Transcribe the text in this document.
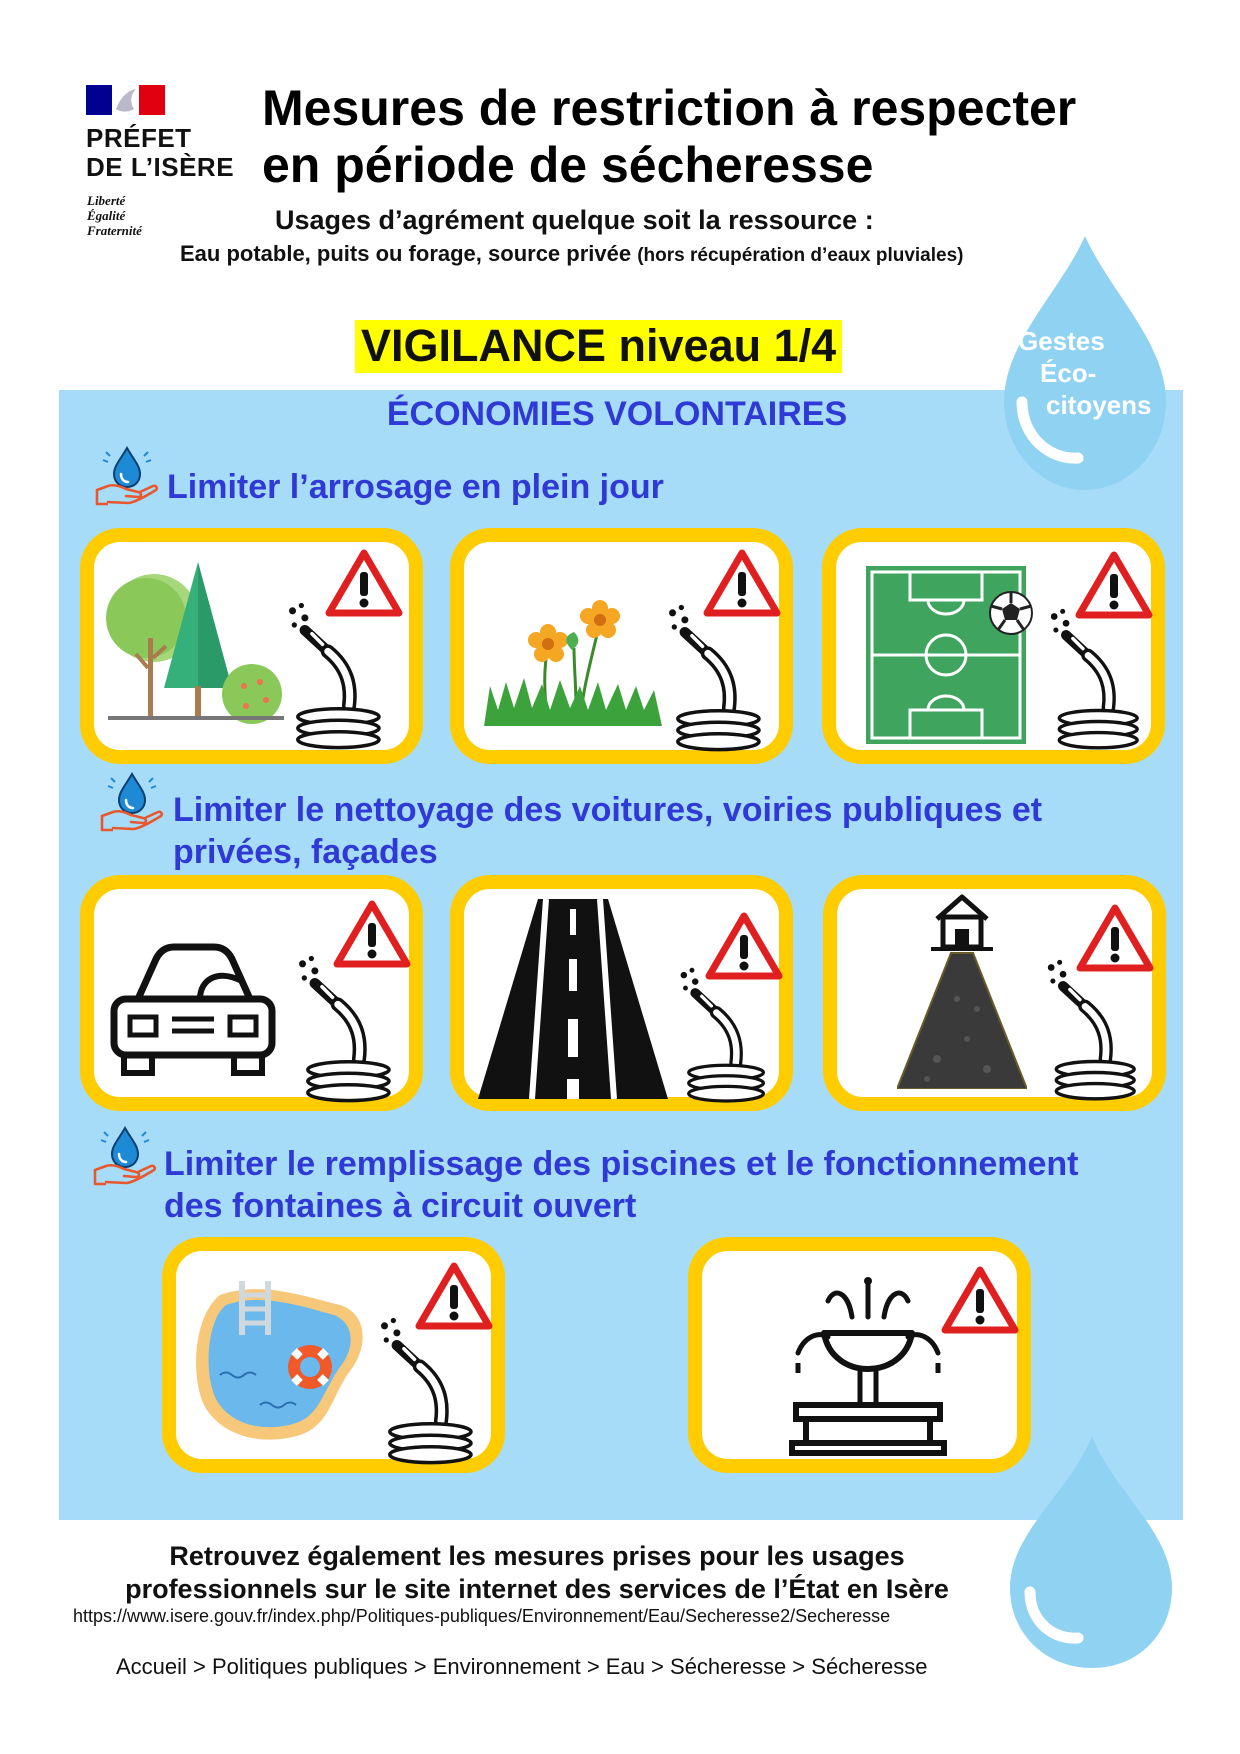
PRÉFET
DE L’ISÈRE
Liberté
Égalité
Fraternité
Mesures de restriction à respecter
en période de sécheresse
Usages d’agrément quelque soit la ressource :
Eau potable, puits ou forage, source privée (hors récupération d’eaux pluviales)
Gestes
Éco-
citoyens
VIGILANCE niveau 1/4
ÉCONOMIES VOLONTAIRES
Limiter l’arrosage en plein jour
Limiter le nettoyage des voitures, voiries publiques et
privées, façades
Limiter le remplissage des piscines et le fonctionnement
des fontaines à circuit ouvert
Retrouvez également les mesures prises pour les usages
professionnels sur le site internet des services de l’État en Isère
https://www.isere.gouv.fr/index.php/Politiques-publiques/Environnement/Eau/Secheresse2/Secheresse
Accueil > Politiques publiques > Environnement > Eau > Sécheresse > Sécheresse
